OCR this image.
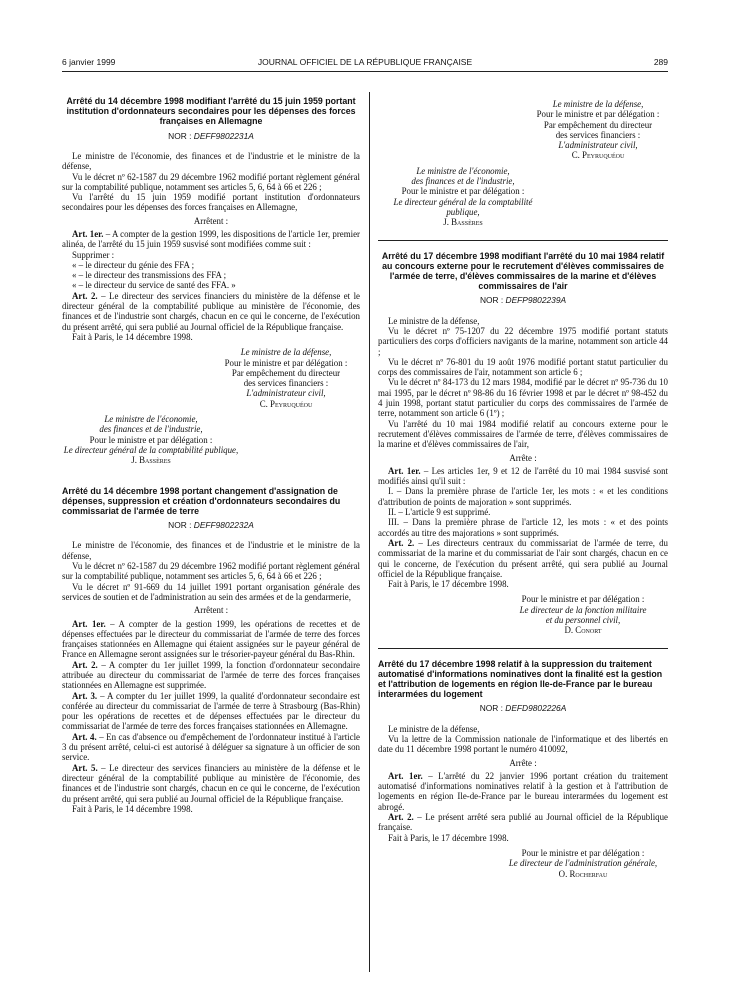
6 janvier 1999	JOURNAL OFFICIEL DE LA RÉPUBLIQUE FRANÇAISE	289
Arrêté du 14 décembre 1998 modifiant l'arrêté du 15 juin 1959 portant institution d'ordonnateurs secondaires pour les dépenses des forces françaises en Allemagne
NOR : DEFF9802231A

Le ministre de l'économie, des finances et de l'industrie et le ministre de la défense,

Vu le décret nº 62-1587 du 29 décembre 1962 modifié portant règlement général sur la comptabilité publique, notamment ses articles 5, 6, 64 à 66 et 226 ;

Vu l'arrêté du 15 juin 1959 modifié portant institution d'ordonnateurs secondaires pour les dépenses des forces françaises en Allemagne,

Arrêtent :

Art. 1er. – A compter de la gestion 1999, les dispositions de l'article 1er, premier alinéa, de l'arrêté du 15 juin 1959 susvisé sont modifiées comme suit :

Supprimer :

« – le directeur du génie des FFA ;

« – le directeur des transmissions des FFA ;

« – le directeur du service de santé des FFA. »

Art. 2. – Le directeur des services financiers du ministère de la défense et le directeur général de la comptabilité publique au ministère de l'économie, des finances et de l'industrie sont chargés, chacun en ce qui le concerne, de l'exécution du présent arrêté, qui sera publié au Journal officiel de la République française.

Fait à Paris, le 14 décembre 1998.

Le ministre de la défense,
Pour le ministre et par délégation :
Par empêchement du directeur
des services financiers :
L'administrateur civil,
C. Peyruquéou
Le ministre de l'économie,
des finances et de l'industrie,
Pour le ministre et par délégation :
Le directeur général de la comptabilité publique,
J. Bassères
Arrêté du 14 décembre 1998 portant changement d'assignation de dépenses, suppression et création d'ordonnateurs secondaires du commissariat de l'armée de terre
NOR : DEFF9802232A

Le ministre de l'économie, des finances et de l'industrie et le ministre de la défense,

Vu le décret nº 62-1587 du 29 décembre 1962 modifié portant règlement général sur la comptabilité publique, notamment ses articles 5, 6, 64 à 66 et 226 ;

Vu le décret nº 91-669 du 14 juillet 1991 portant organisation générale des services de soutien et de l'administration au sein des armées et de la gendarmerie,

Arrêtent :

Art. 1er. – A compter de la gestion 1999, les opérations de recettes et de dépenses effectuées par le directeur du commissariat de l'armée de terre des forces françaises stationnées en Allemagne qui étaient assignées sur le payeur général de France en Allemagne seront assignées sur le trésorier-payeur général du Bas-Rhin.

Art. 2. – A compter du 1er juillet 1999, la fonction d'ordonnateur secondaire attribuée au directeur du commissariat de l'armée de terre des forces françaises stationnées en Allemagne est supprimée.

Art. 3. – A compter du 1er juillet 1999, la qualité d'ordonnateur secondaire est conférée au directeur du commissariat de l'armée de terre à Strasbourg (Bas-Rhin) pour les opérations de recettes et de dépenses effectuées par le directeur du commissariat de l'armée de terre des forces françaises stationnées en Allemagne.

Art. 4. – En cas d'absence ou d'empêchement de l'ordonnateur institué à l'article 3 du présent arrêté, celui-ci est autorisé à déléguer sa signature à un officier de son service.

Art. 5. – Le directeur des services financiers au ministère de la défense et le directeur général de la comptabilité publique au ministère de l'économie, des finances et de l'industrie sont chargés, chacun en ce qui le concerne, de l'exécution du présent arrêté, qui sera publié au Journal officiel de la République française.

Fait à Paris, le 14 décembre 1998.

Le ministre de la défense,
Pour le ministre et par délégation :
Par empêchement du directeur
des services financiers :
L'administrateur civil,
C. Peyruquéou
Le ministre de l'économie,
des finances et de l'industrie,
Pour le ministre et par délégation :
Le directeur général de la comptabilité publique,
J. Bassères
Arrêté du 17 décembre 1998 modifiant l'arrêté du 10 mai 1984 relatif au concours externe pour le recrutement d'élèves commissaires de l'armée de terre, d'élèves commissaires de la marine et d'élèves commissaires de l'air
NOR : DEFP9802239A

Le ministre de la défense,

Vu le décret nº 75-1207 du 22 décembre 1975 modifié portant statuts particuliers des corps d'officiers navigants de la marine, notamment son article 44 ;

Vu le décret nº 76-801 du 19 août 1976 modifié portant statut particulier du corps des commissaires de l'air, notamment son article 6 ;

Vu le décret nº 84-173 du 12 mars 1984, modifié par le décret nº 95-736 du 10 mai 1995, par le décret nº 98-86 du 16 février 1998 et par le décret nº 98-452 du 4 juin 1998, portant statut particulier du corps des commissaires de l'armée de terre, notamment son article 6 (1º) ;

Vu l'arrêté du 10 mai 1984 modifié relatif au concours externe pour le recrutement d'élèves commissaires de l'armée de terre, d'élèves commissaires de la marine et d'élèves commissaires de l'air,

Arrête :

Art. 1er. – Les articles 1er, 9 et 12 de l'arrêté du 10 mai 1984 susvisé sont modifiés ainsi qu'il suit :

I. – Dans la première phrase de l'article 1er, les mots : « et les conditions d'attribution de points de majoration » sont supprimés.

II. – L'article 9 est supprimé.

III. – Dans la première phrase de l'article 12, les mots : « et des points accordés au titre des majorations » sont supprimés.

Art. 2. – Les directeurs centraux du commissariat de l'armée de terre, du commissariat de la marine et du commissariat de l'air sont chargés, chacun en ce qui le concerne, de l'exécution du présent arrêté, qui sera publié au Journal officiel de la République française.

Fait à Paris, le 17 décembre 1998.

Pour le ministre et par délégation :
Le directeur de la fonction militaire
et du personnel civil,
D. Conort
Arrêté du 17 décembre 1998 relatif à la suppression du traitement automatisé d'informations nominatives dont la finalité est la gestion et l'attribution de logements en région Ile-de-France par le bureau interarmées du logement
NOR : DEFD9802226A

Le ministre de la défense,

Vu la lettre de la Commission nationale de l'informatique et des libertés en date du 11 décembre 1998 portant le numéro 410092,

Arrête :

Art. 1er. – L'arrêté du 22 janvier 1996 portant création du traitement automatisé d'informations nominatives relatif à la gestion et à l'attribution de logements en région Ile-de-France par le bureau interarmées du logement est abrogé.

Art. 2. – Le présent arrêté sera publié au Journal officiel de la République française.

Fait à Paris, le 17 décembre 1998.

Pour le ministre et par délégation :
Le directeur de l'administration générale,
O. Rocherfau
